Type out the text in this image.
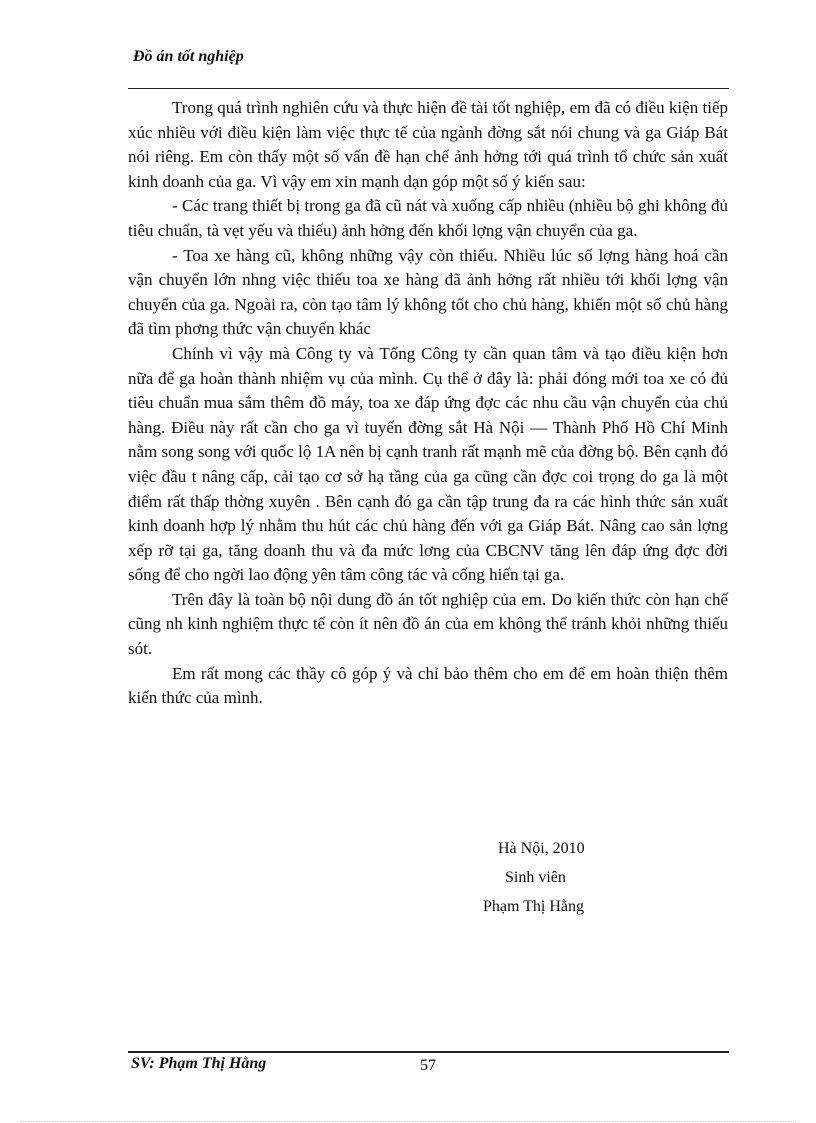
Đồ án tốt nghiệp

Trong quá trình nghiên cứu và thực hiện đề tài tốt nghiệp, em đã có điều kiện tiếp xúc nhiều với điều kiện làm việc thực tế của ngành đờng sắt nói chung và ga Giáp Bát nói riêng. Em còn thấy một số vấn đề hạn chế ảnh hởng tới quá trình tổ chức sản xuất kinh doanh của ga. Vì vậy em xin mạnh dạn góp một số ý kiến sau:

- Các trang thiết bị trong ga đã cũ nát và xuống cấp nhiều (nhiều bộ ghi không đủ tiêu chuẩn, tà vẹt yếu và thiếu) ảnh hởng đến khối lợng vận chuyển của ga.

- Toa xe hàng cũ, không những vậy còn thiếu. Nhiều lúc số lợng hàng hoá cần vận chuyển lớn nhng việc thiếu toa xe hàng đã ảnh hởng rất nhiều tới khối lợng vận chuyển của ga. Ngoài ra, còn tạo tâm lý không tốt cho chủ hàng, khiến một số chủ hàng đã tìm phơng thức vận chuyển khác

Chính vì vậy mà Công ty và Tổng Công ty cần quan tâm và tạo điều kiện hơn nữa để ga hoàn thành nhiệm vụ của mình. Cụ thể ở đây là: phải đóng mới toa xe có đủ tiêu chuẩn mua sắm thêm đồ máy, toa xe đáp ứng đợc các nhu cầu vận chuyển của chủ hàng. Điều này rất cần cho ga vì tuyến đờng sắt Hà Nội — Thành Phố Hồ Chí Minh nằm song song với quốc lộ 1A nên bị cạnh tranh rất mạnh mẽ của đờng bộ. Bên cạnh đó việc đầu t nâng cấp, cải tạo cơ sở hạ tầng của ga cũng cần đợc coi trọng do ga là một điểm rất thấp thờng xuyên . Bên cạnh đó ga cần tập trung đa ra các hình thức sản xuất kinh doanh hợp lý nhằm thu hút các chủ hàng đến với ga Giáp Bát. Nâng cao sản lợng xếp rỡ tại ga, tăng doanh thu và đa mức lơng của CBCNV tăng lên đáp ứng đợc đời sống để cho ngời lao động yên tâm công tác và cống hiến tại ga.

Trên đây là toàn bộ nội dung đồ án tốt nghiệp của em. Do kiến thức còn hạn chế cũng nh kinh nghiệm thực tế còn ít nên đồ án của em không thể tránh khỏi những thiếu sót.

Em rất mong các thầy cô góp ý và chỉ bảo thêm cho em để em hoàn thiện thêm kiến thức của mình.

Hà Nội, 2010
Sinh viên
Phạm Thị Hằng
SV: Phạm Thị Hằng	57
